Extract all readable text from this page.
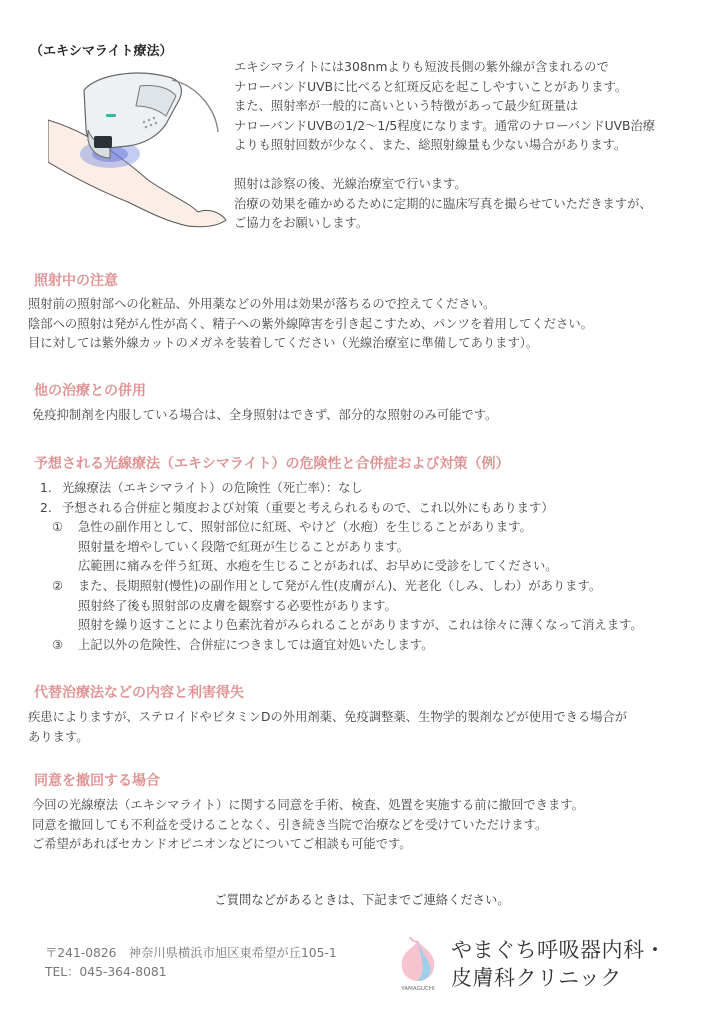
（エキシマライト療法）

エキシマライトには308nmよりも短波長側の紫外線が含まれるので

ナローバンドUVBに比べると紅斑反応を起こしやすいことがあります。

また、照射率が一般的に高いという特徴があって最少紅斑量は

ナローバンドUVBの1/2〜1/5程度になります。通常のナローバンドUVB治療

よりも照射回数が少なく、また、総照射線量も少ない場合があります。

照射は診察の後、光線治療室で行います。

治療の効果を確かめるために定期的に臨床写真を撮らせていただきますが、

ご協力をお願いします。

照射中の注意

照射前の照射部への化粧品、外用薬などの外用は効果が落ちるので控えてください。

陰部への照射は発がん性が高く、精子への紫外線障害を引き起こすため、パンツを着用してください。

目に対しては紫外線カットのメガネを装着してください（光線治療室に準備してあります）。

他の治療との併用

免疫抑制剤を内服している場合は、全身照射はできず、部分的な照射のみ可能です。

予想される光線療法（エキシマライト）の危険性と合併症および対策（例）
1. 光線療法（エキシマライト）の危険性（死亡率）：なし
2. 予想される合併症と頻度および対策（重要と考えられるもので、これ以外にもあります）
① 急性の副作用として、照射部位に紅斑、やけど（水疱）を生じることがあります。
照射量を増やしていく段階で紅斑が生じることがあります。
広範囲に痛みを伴う紅斑、水疱を生じることがあれば、お早めに受診をしてください。
② また、長期照射(慢性)の副作用として発がん性(皮膚がん)、光老化（しみ、しわ）があります。
照射終了後も照射部の皮膚を観察する必要性があります。
照射を繰り返すことにより色素沈着がみられることがありますが、これは徐々に薄くなって消えます。
③ 上記以外の危険性、合併症につきましては適宜対処いたします。
代替治療法などの内容と利害得失

疾患によりますが、ステロイドやビタミンDの外用剤薬、免疫調整薬、生物学的製剤などが使用できる場合が

あります。

同意を撤回する場合

今回の光線療法（エキシマライト）に関する同意を手術、検査、処置を実施する前に撤回できます。

同意を撤回しても不利益を受けることなく、引き続き当院で治療などを受けていただけます。

ご希望があればセカンドオピニオンなどについてご相談も可能です。

ご質問などがあるときは、下記までご連絡ください。
〒241-0826　神奈川県横浜市旭区東希望が丘105-1
TEL：045-364-8081
YAMAGUCHI
やまぐち呼吸器内科・
皮膚科クリニック
